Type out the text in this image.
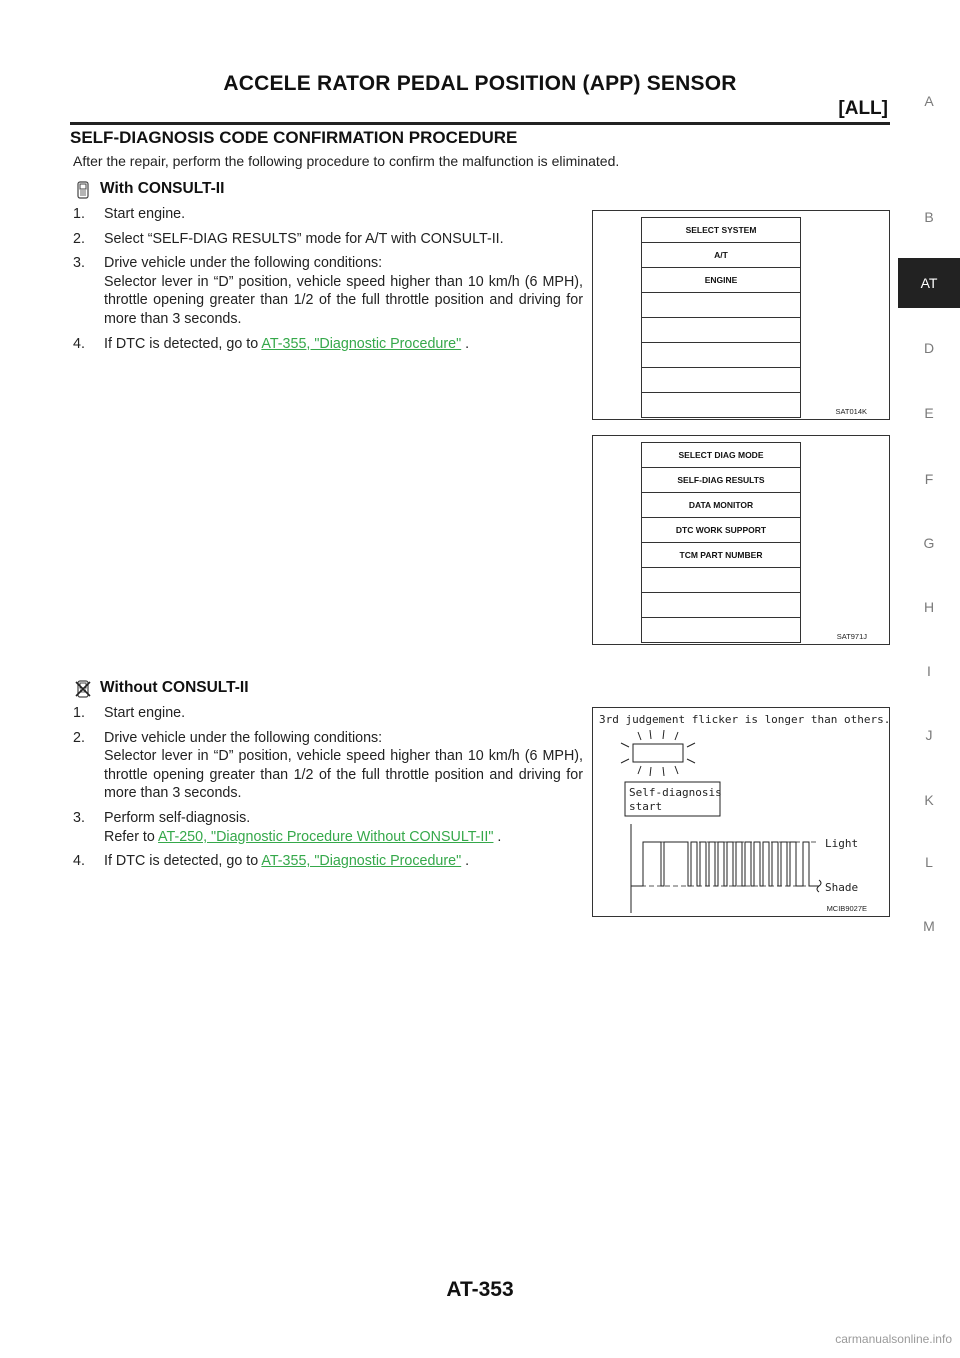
ACCELE RATOR PEDAL POSITION (APP) SENSOR
[ALL]
SELF-DIAGNOSIS CODE CONFIRMATION PROCEDURE
After the repair, perform the following procedure to confirm the malfunction is eliminated.
With CONSULT-II
1. Start engine.
2. Select “SELF-DIAG RESULTS” mode for A/T with CONSULT-II.
3. Drive vehicle under the following conditions:
Selector lever in “D” position, vehicle speed higher than 10 km/h (6 MPH), throttle opening greater than 1/2 of the full throttle position and driving for more than 3 seconds.
4. If DTC is detected, go to AT-355, "Diagnostic Procedure" .
SELECT SYSTEM
A/T
ENGINE
SAT014K
SELECT DIAG MODE
SELF-DIAG RESULTS
DATA MONITOR
DTC WORK SUPPORT
TCM PART NUMBER
SAT971J
Without CONSULT-II
1. Start engine.
2. Drive vehicle under the following conditions:
Selector lever in “D” position, vehicle speed higher than 10 km/h (6 MPH), throttle opening greater than 1/2 of the full throttle position and driving for more than 3 seconds.
3. Perform self-diagnosis.
Refer to AT-250, "Diagnostic Procedure Without CONSULT-II" .
4. If DTC is detected, go to AT-355, "Diagnostic Procedure" .
3rd judgement flicker is longer than others.
Self-diagnosis
start
Light
Shade
MCIB9027E
A
B
AT
D
E
F
G
H
I
J
K
L
M
AT-353
carmanualsonline.info
